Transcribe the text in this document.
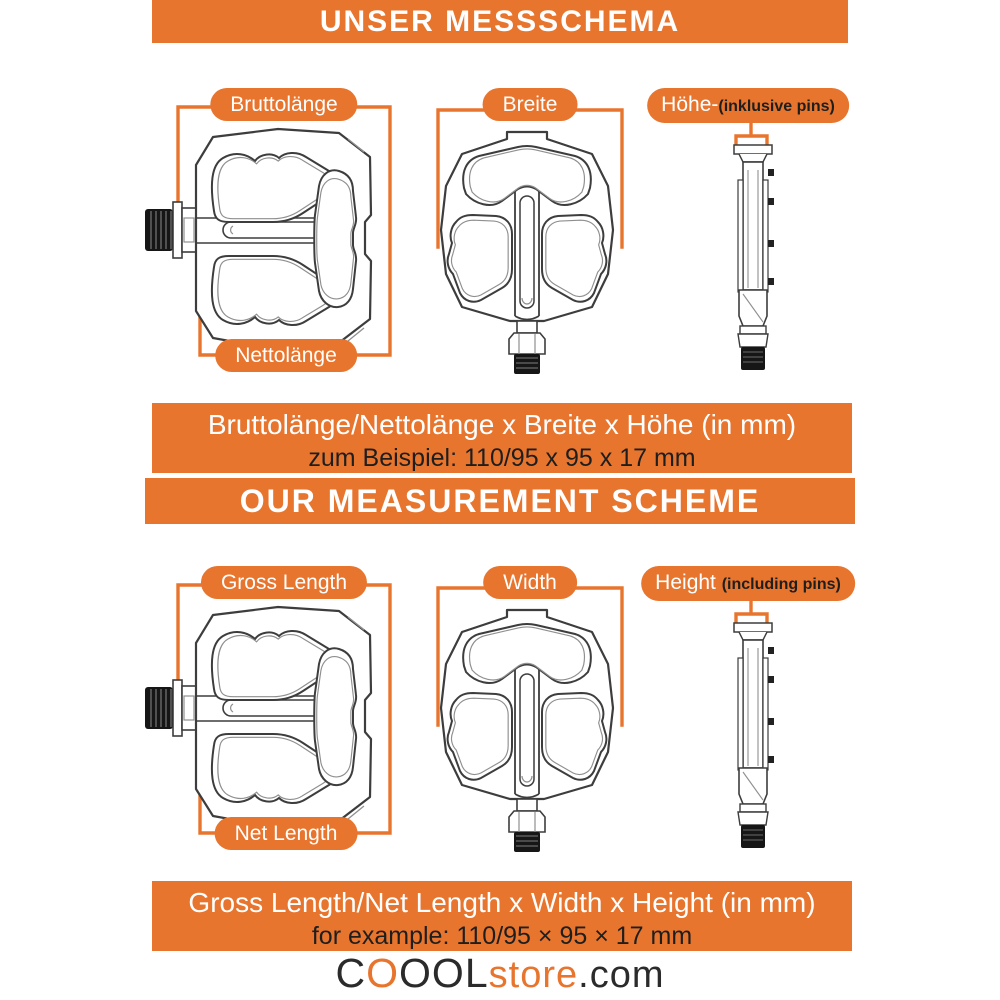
UNSER MESSSCHEMA
Bruttolänge	Breite	Höhe-(inklusive pins)
Nettolänge
Bruttolänge/Nettolänge x Breite x Höhe (in mm)
zum Beispiel: 110/95 x 95 x 17 mm
OUR MEASUREMENT SCHEME
Gross Length	Width	Height (including pins)
Net Length
Gross Length/Net Length x Width x Height (in mm)
for example: 110/95 × 95 × 17 mm
COOOLstore.com
